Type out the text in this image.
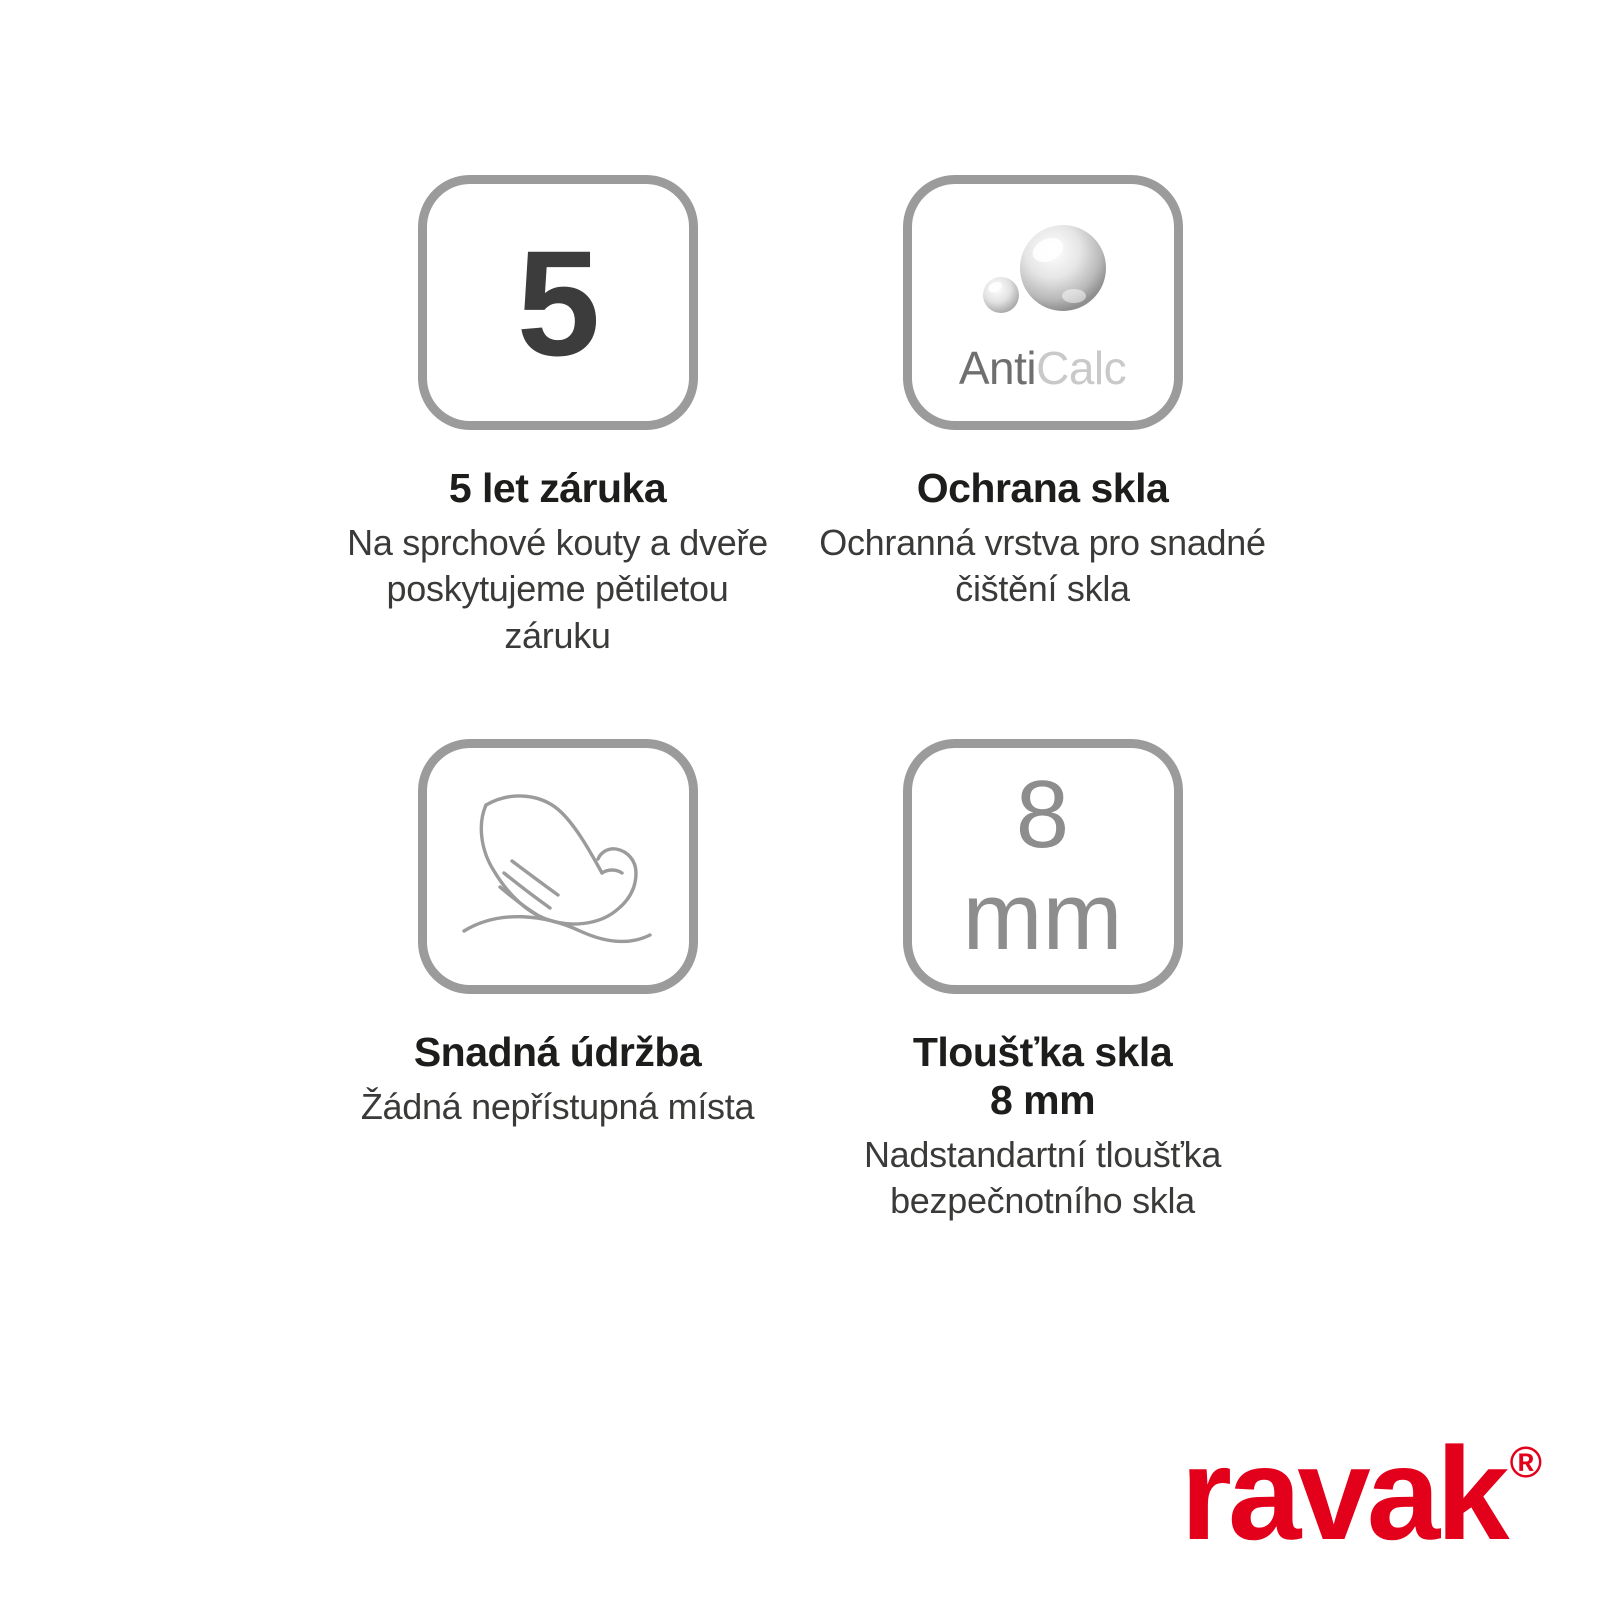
5
5 let záruka
Na sprchové kouty a dveře poskytujeme pětiletou záruku
AntiCalc
Ochrana skla
Ochranná vrstva pro snadné čištění skla
Snadná údržba
Žádná nepřístupná místa
8
mm
Tloušťka skla
8 mm
Nadstandartní tloušťka bezpečnotního skla
ravak ®
